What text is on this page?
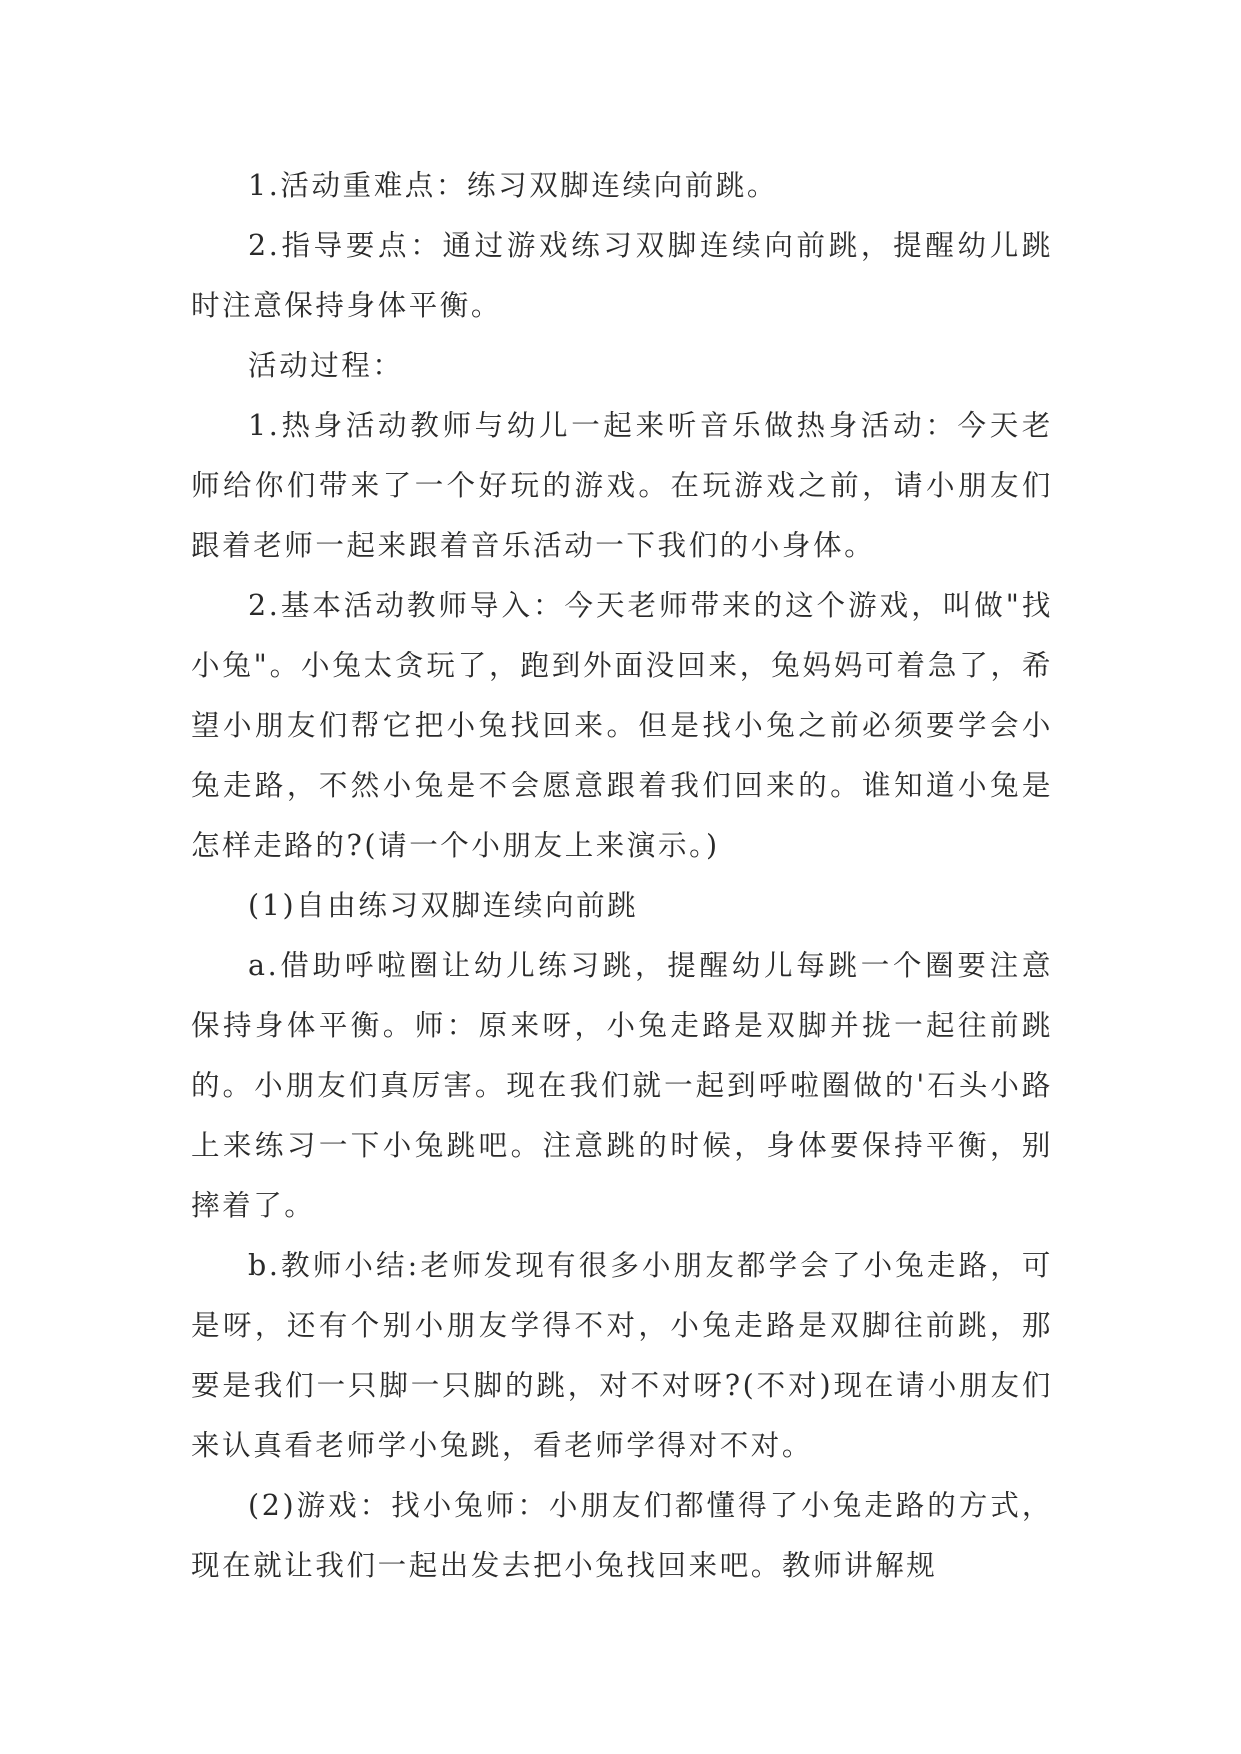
1.活动重难点：练习双脚连续向前跳。

2.指导要点：通过游戏练习双脚连续向前跳，提醒幼儿跳时注意保持身体平衡。

活动过程：

1.热身活动教师与幼儿一起来听音乐做热身活动：今天老师给你们带来了一个好玩的游戏。在玩游戏之前，请小朋友们跟着老师一起来跟着音乐活动一下我们的小身体。

2.基本活动教师导入：今天老师带来的这个游戏，叫做"找小兔"。小兔太贪玩了，跑到外面没回来，兔妈妈可着急了，希望小朋友们帮它把小兔找回来。但是找小兔之前必须要学会小兔走路，不然小兔是不会愿意跟着我们回来的。谁知道小兔是怎样走路的?(请一个小朋友上来演示。)

(1)自由练习双脚连续向前跳

a.借助呼啦圈让幼儿练习跳，提醒幼儿每跳一个圈要注意保持身体平衡。师：原来呀，小兔走路是双脚并拢一起往前跳的。小朋友们真厉害。现在我们就一起到呼啦圈做的'石头小路上来练习一下小兔跳吧。注意跳的时候，身体要保持平衡，别摔着了。

b.教师小结:老师发现有很多小朋友都学会了小兔走路，可是呀，还有个别小朋友学得不对，小兔走路是双脚往前跳，那要是我们一只脚一只脚的跳，对不对呀?(不对)现在请小朋友们来认真看老师学小兔跳，看老师学得对不对。

(2)游戏：找小兔师：小朋友们都懂得了小兔走路的方式，现在就让我们一起出发去把小兔找回来吧。教师讲解规
